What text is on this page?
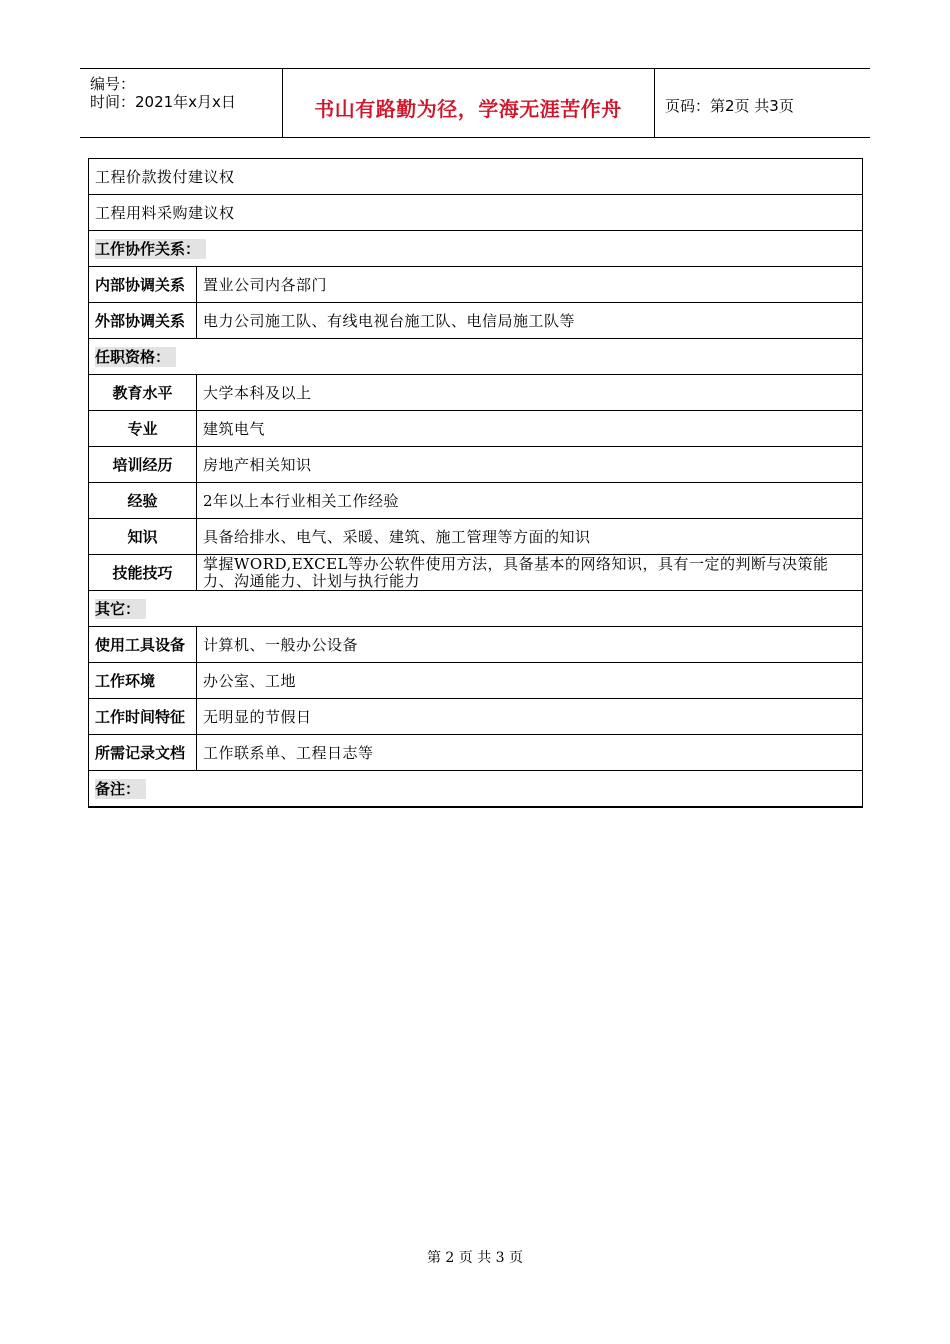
编号：
时间：2021年x月x日	书山有路勤为径，学海无涯苦作舟	页码：第2页 共3页
工程价款拨付建议权	
工程用料采购建议权	
工作协作关系：	
内部协调关系	置业公司内各部门
外部协调关系	电力公司施工队、有线电视台施工队、电信局施工队等
任职资格：	
教育水平	大学本科及以上
专业	建筑电气
培训经历	房地产相关知识
经验	2年以上本行业相关工作经验
知识	具备给排水、电气、采暖、建筑、施工管理等方面的知识
技能技巧	掌握WORD,EXCEL等办公软件使用方法，具备基本的网络知识，具有一定的判断与决策能力、沟通能力、计划与执行能力
其它：	
使用工具设备	计算机、一般办公设备
工作环境	办公室、工地
工作时间特征	无明显的节假日
所需记录文档	工作联系单、工程日志等
备注：	
第 2 页 共 3 页
